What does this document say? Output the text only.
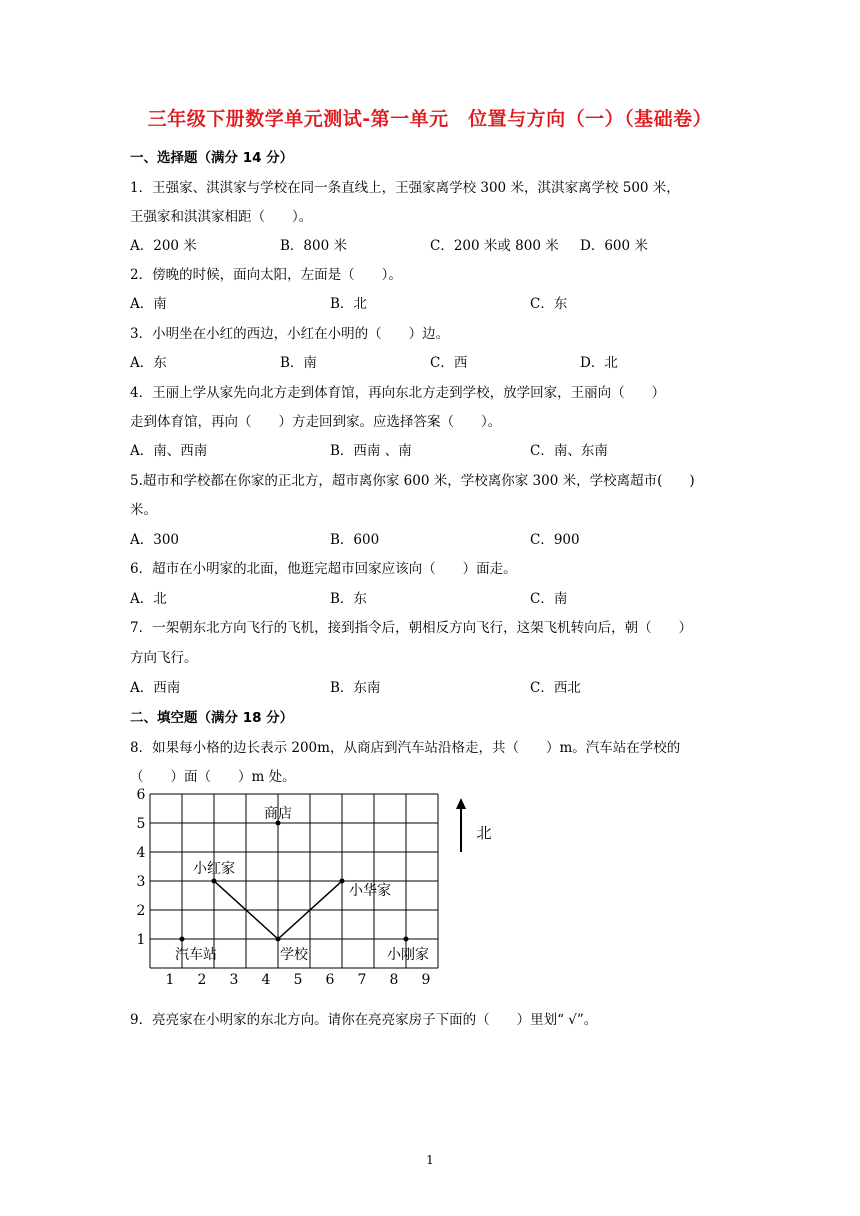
三年级下册数学单元测试-第一单元　位置与方向（一）（基础卷）
一、选择题（满分 14 分）
1．王强家、淇淇家与学校在同一条直线上，王强家离学校 300 米，淇淇家离学校 500 米，
王强家和淇淇家相距（　　）。
A．200 米	B．800 米	C．200 米或 800 米 D．600 米
2．傍晚的时候，面向太阳，左面是（　　）。
A．南	B．北	C．东
3．小明坐在小红的西边，小红在小明的（　　）边。
A．东	B．南	C．西	D．北
4．王丽上学从家先向北方走到体育馆，再向东北方走到学校，放学回家，王丽向（　　）
走到体育馆，再向（　　）方走回到家。应选择答案（　　）。
A．南、西南	B．西南 、南	C．南、东南
5.超市和学校都在你家的正北方，超市离你家 600 米，学校离你家 300 米，学校离超市(　　)
米。
A．300	B．600	C．900
6．超市在小明家的北面，他逛完超市回家应该向（　　）面走。
A．北	B．东	C．南
7．一架朝东北方向飞行的飞机，接到指令后，朝相反方向飞行，这架飞机转向后，朝（　　）
方向飞行。
A．西南	B．东南	C．西北
二、填空题（满分 18 分）
8．如果每小格的边长表示 200m，从商店到汽车站沿格走，共（　　）m。汽车站在学校的
（　　）面（　　）m 处。
1 2 3 4 5 6 7 8 9
1
2
3
4
5
6
商店
小红家
小华家
汽车站	学校	小刚家
北
9．亮亮家在小明家的东北方向。请你在亮亮家房子下面的（　　）里划“ √”。
1
